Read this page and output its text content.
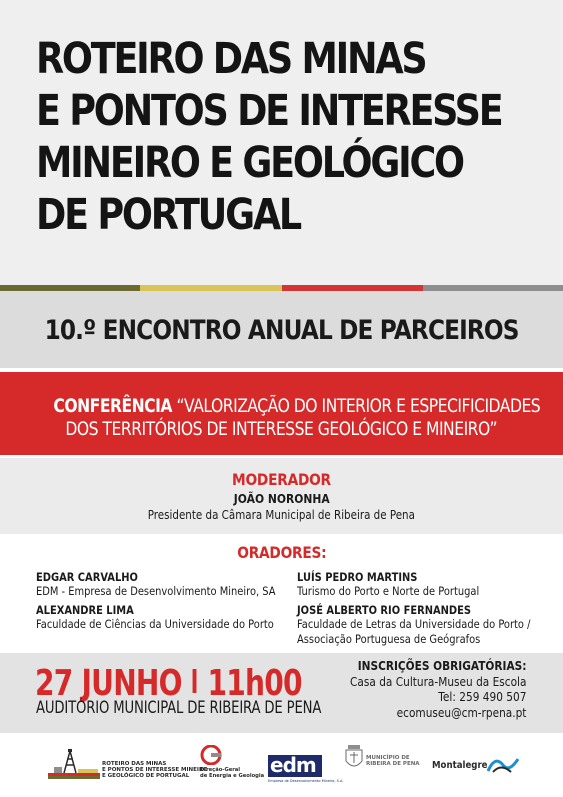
ROTEIRO DAS MINAS
E PONTOS DE INTERESSE
MINEIRO E GEOLÓGICO
DE PORTUGAL
10.º ENCONTRO ANUAL DE PARCEIROS
CONFERÊNCIA “VALORIZAÇÃO DO INTERIOR E ESPECIFICIDADES
DOS TERRITÓRIOS DE INTERESSE GEOLÓGICO E MINEIRO”
MODERADOR
JOÃO NORONHA
Presidente da Câmara Municipal de Ribeira de Pena
ORADORES:
EDGAR CARVALHO
EDM - Empresa de Desenvolvimento Mineiro, SA
ALEXANDRE LIMA
Faculdade de Ciências da Universidade do Porto
LUÍS PEDRO MARTINS
Turismo do Porto e Norte de Portugal
JOSÉ ALBERTO RIO FERNANDES
Faculdade de Letras da Universidade do Porto /
Associação Portuguesa de Geógrafos
27 JUNHO 11h00
AUDITÓRIO MUNICIPAL DE RIBEIRA DE PENA
INSCRIÇÕES OBRIGATÓRIAS:
Casa da Cultura-Museu da Escola
Tel: 259 490 507
ecomuseu@cm-rpena.pt
ROTEIRO DAS MINAS
E PONTOS DE INTERESSE MINEIRO
E GEOLÓGICO DE PORTUGAL
Direção-Geral
de Energia e Geologia edm
Empresa de Desenvolvimento Mineiro, S.A.
MUNICÍPIO DE
RIBEIRA DE PENA Montalegre
